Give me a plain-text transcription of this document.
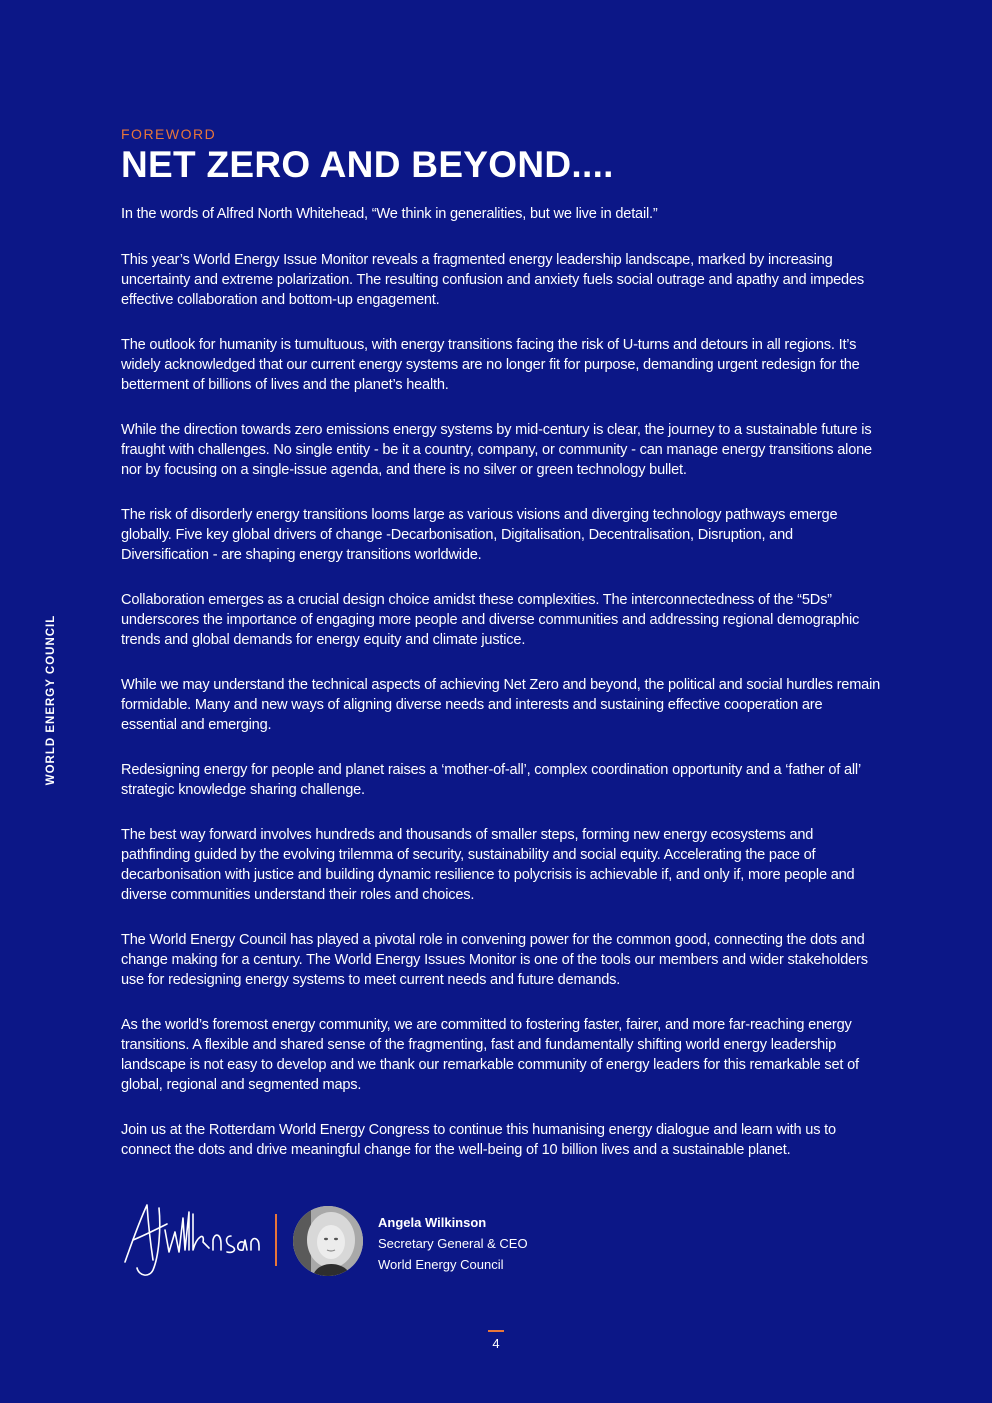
WORLD ENERGY COUNCIL
FOREWORD
NET ZERO AND BEYOND....

In the words of Alfred North Whitehead, “We think in generalities, but we live in detail.”

This year’s World Energy Issue Monitor reveals a fragmented energy leadership landscape, marked by increasing uncertainty and extreme polarization. The resulting confusion and anxiety fuels social outrage and apathy and impedes effective collaboration and bottom-up engagement.

The outlook for humanity is tumultuous, with energy transitions facing the risk of U-turns and detours in all regions. It’s widely acknowledged that our current energy systems are no longer fit for purpose, demanding urgent redesign for the betterment of billions of lives and the planet’s health.

While the direction towards zero emissions energy systems by mid-century is clear, the journey to a sustainable future is fraught with challenges. No single entity - be it a country, company, or community - can manage energy transitions alone nor by focusing on a single-issue agenda, and there is no silver or green technology bullet.

The risk of disorderly energy transitions looms large as various visions and diverging technology pathways emerge globally. Five key global drivers of change -Decarbonisation, Digitalisation, Decentralisation, Disruption, and Diversification - are shaping energy transitions worldwide.

Collaboration emerges as a crucial design choice amidst these complexities. The interconnectedness of the “5Ds” underscores the importance of engaging more people and diverse communities and addressing regional demographic trends and global demands for energy equity and climate justice.

While we may understand the technical aspects of achieving Net Zero and beyond, the political and social hurdles remain formidable. Many and new ways of aligning diverse needs and interests and sustaining effective cooperation are essential and emerging.

Redesigning energy for people and planet raises a ‘mother-of-all’, complex coordination opportunity and a ‘father of all’ strategic knowledge sharing challenge.

The best way forward involves hundreds and thousands of smaller steps, forming new energy ecosystems and pathfinding guided by the evolving trilemma of security, sustainability and social equity. Accelerating the pace of decarbonisation with justice and building dynamic resilience to polycrisis is achievable if, and only if, more people and diverse communities understand their roles and choices.

The World Energy Council has played a pivotal role in convening power for the common good, connecting the dots and change making for a century. The World Energy Issues Monitor is one of the tools our members and wider stakeholders use for redesigning energy systems to meet current needs and future demands.

As the world’s foremost energy community, we are committed to fostering faster, fairer, and more far-reaching energy transitions. A flexible and shared sense of the fragmenting, fast and fundamentally shifting world energy leadership landscape is not easy to develop and we thank our remarkable community of energy leaders for this remarkable set of global, regional and segmented maps.

Join us at the Rotterdam World Energy Congress to continue this humanising energy dialogue and learn with us to connect the dots and drive meaningful change for the well-being of 10 billion lives and a sustainable planet.

Angela Wilkinson
Secretary General & CEO
World Energy Council
4
